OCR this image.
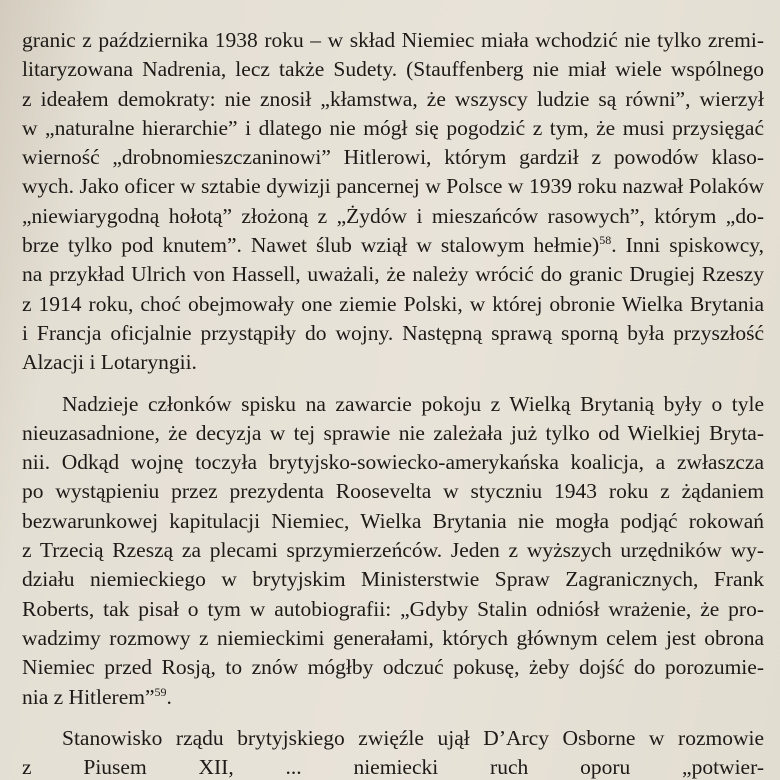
granic z października 1938 roku – w skład Niemiec miała wchodzić nie tylko zremi-
litaryzowana Nadrenia, lecz także Sudety. (Stauffenberg nie miał wiele wspólnego
z ideałem demokraty: nie znosił „kłamstwa, że wszyscy ludzie są równi”, wierzył
w „naturalne hierarchie” i dlatego nie mógł się pogodzić z tym, że musi przysięgać
wierność „drobnomieszczaninowi” Hitlerowi, którym gardził z powodów klaso-
wych. Jako oficer w sztabie dywizji pancernej w Polsce w 1939 roku nazwał Polaków
„niewiarygodną hołotą” złożoną z „Żydów i mieszańców rasowych”, którym „do-
brze tylko pod knutem”. Nawet ślub wziął w stalowym hełmie)$^{58}$. Inni spiskowcy,
na przykład Ulrich von Hassell, uważali, że należy wrócić do granic Drugiej Rzeszy
z 1914 roku, choć obejmowały one ziemie Polski, w której obronie Wielka Brytania
i Francja oficjalnie przystąpiły do wojny. Następną sprawą sporną była przyszłość
Alzacji i Lotaryngii.
Nadzieje członków spisku na zawarcie pokoju z Wielką Brytanią były o tyle
nieuzasadnione, że decyzja w tej sprawie nie zależała już tylko od Wielkiej Bryta-
nii. Odkąd wojnę toczyła brytyjsko-sowiecko-amerykańska koalicja, a zwłaszcza
po wystąpieniu przez prezydenta Roosevelta w styczniu 1943 roku z żądaniem
bezwarunkowej kapitulacji Niemiec, Wielka Brytania nie mogła podjąć rokowań
z Trzecią Rzeszą za plecami sprzymierzeńców. Jeden z wyższych urzędników wy-
działu niemieckiego w brytyjskim Ministerstwie Spraw Zagranicznych, Frank
Roberts, tak pisał o tym w autobiografii: „Gdyby Stalin odniósł wrażenie, że pro-
wadzimy rozmowy z niemieckimi generałami, których głównym celem jest obrona
Niemiec przed Rosją, to znów mógłby odczuć pokusę, żeby dojść do porozumie-
nia z Hitlerem”$^{59}$.
Stanowisko rządu brytyjskiego zwięźle ujął D’Arcy Osborne w rozmowie
z Piusem XII, ... niemiecki ruch oporu „potwier-
